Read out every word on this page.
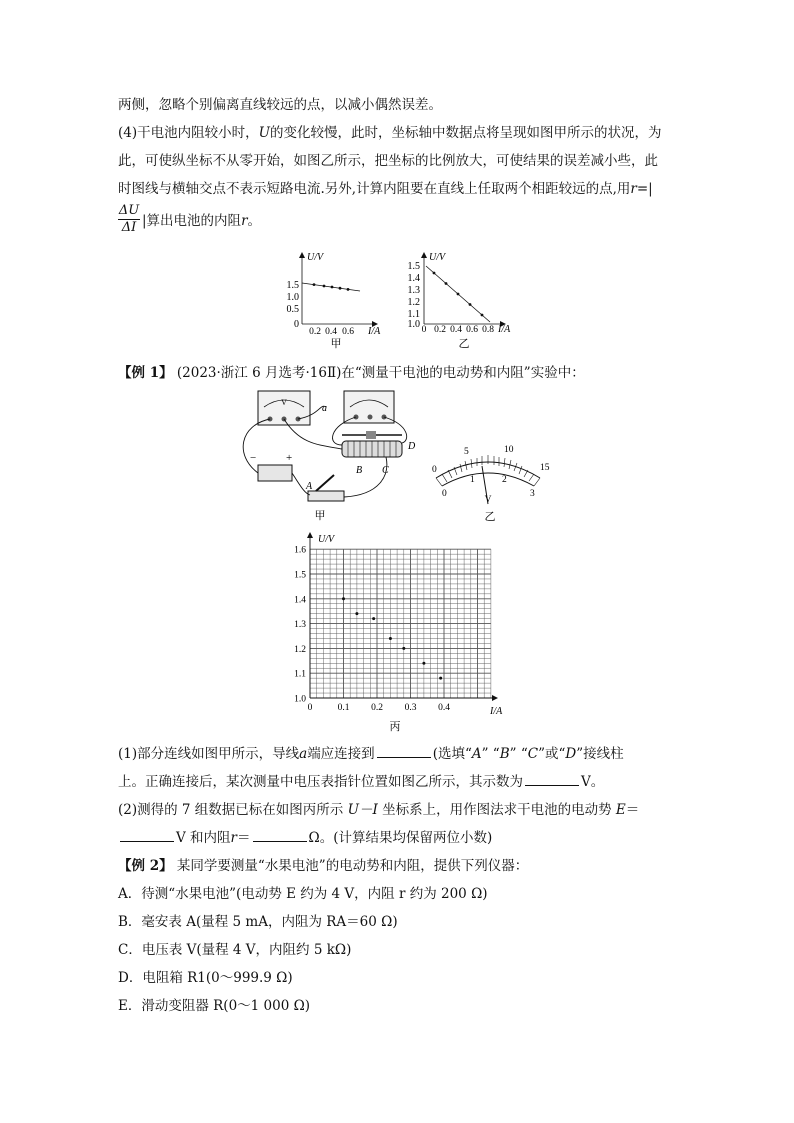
两侧，忽略个别偏离直线较远的点，以减小偶然误差。
(4)干电池内阻较小时，U的变化较慢，此时，坐标轴中数据点将呈现如图甲所示的状况，为
此，可使纵坐标不从零开始，如图乙所示，把坐标的比例放大，可使结果的误差减小些，此
时图线与横轴交点不表示短路电流.另外,计算内阻要在直线上任取两个相距较远的点,用r=|
$\frac{\Delta U}{\Delta I}$ |算出电池的内阻r。
U/V
I/A
1.5
1.0
0.5
0
0.2 0.4 0.6
甲
U/V
I/A
1.5
1.4
1.3
1.2
1.1
1.0 0 0.2 0.4 0.6 0.8
乙
【例 1】 (2023·浙江 6 月选考·16Ⅱ)在“测量干电池的电动势和内阻”实验中：
V
−	+
a
D
B C
A
甲
0
5	10
15
0
1	2
3
V
乙
1.6
1.5
1.4
1.3
1.2
1.1
1.0
0	0.1 0.2 0.3 0.4
U/V
I/A
丙
(1)部分连线如图甲所示，导线a端应连接到	(选填“A” “B” “C”或“D”接线柱
上。正确连接后，某次测量中电压表指针位置如图乙所示，其示数为	V。
(2)测得的 7 组数据已标在如图丙所示 U－I 坐标系上，用作图法求干电池的电动势 E＝
V 和内阻r＝	Ω。(计算结果均保留两位小数)
【例 2】 某同学要测量“水果电池”的电动势和内阻，提供下列仪器：
A．待测“水果电池”(电动势 E 约为 4 V，内阻 r 约为 200 Ω)
B．毫安表 A(量程 5 mA，内阻为 RA＝60 Ω)
C．电压表 V(量程 4 V，内阻约 5 kΩ)
D．电阻箱 R1(0～999.9 Ω)
E．滑动变阻器 R(0～1 000 Ω)
